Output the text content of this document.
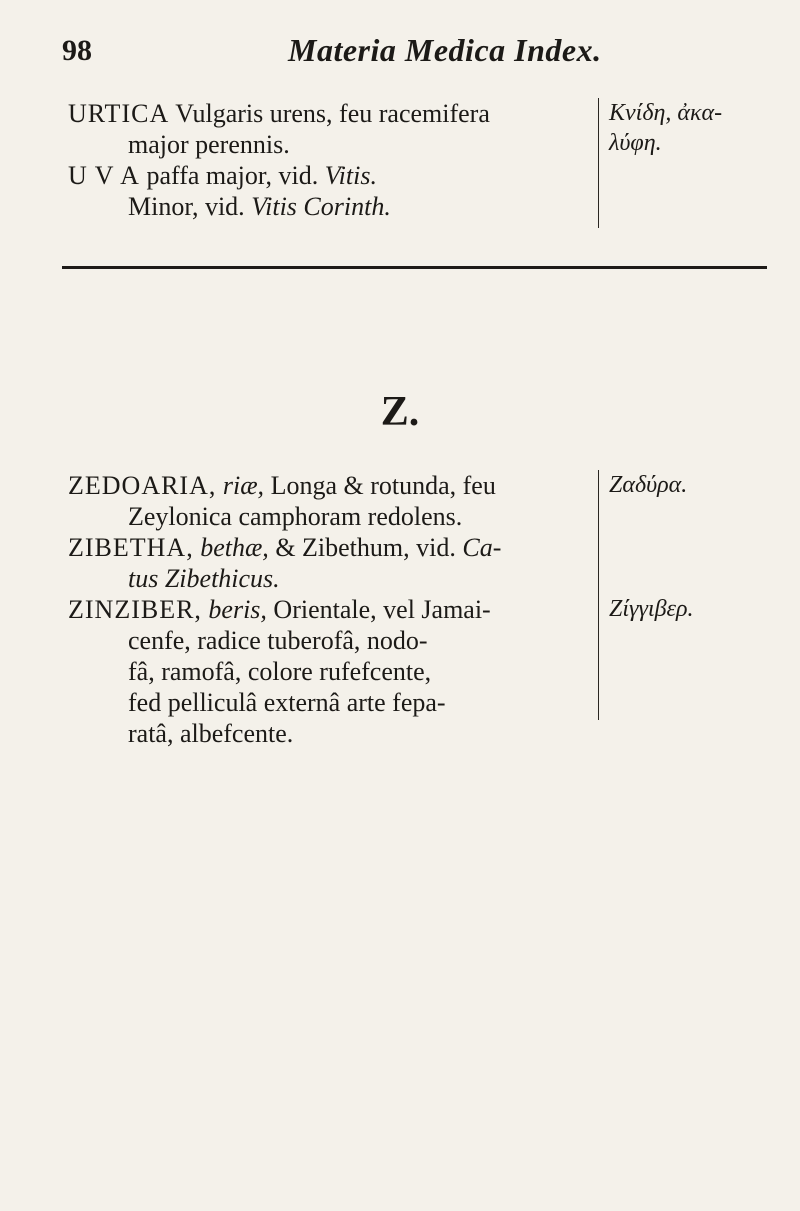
98	Materia Medica Index.
URTICA Vulgaris urens, feu racemifera
major perennis.
U V A paffa major, vid. Vitis.
Minor, vid. Vitis Corinth.
Κνίδη, ἀκα-
λύφη.
Z.
ZEDOARIA, riæ, Longa & rotunda, feu
Zeylonica camphoram redolens.
ZIBETHA, bethæ, & Zibethum, vid. Ca-
tus Zibethicus.
ZINZIBER, beris, Orientale, vel Jamai-
cenfe, radice tuberofâ, nodo-
fâ, ramofâ, colore rufefcente,
fed pelliculâ externâ arte fepa-
ratâ, albefcente.
Ζαδύρα.
Ζίγγιβερ.
